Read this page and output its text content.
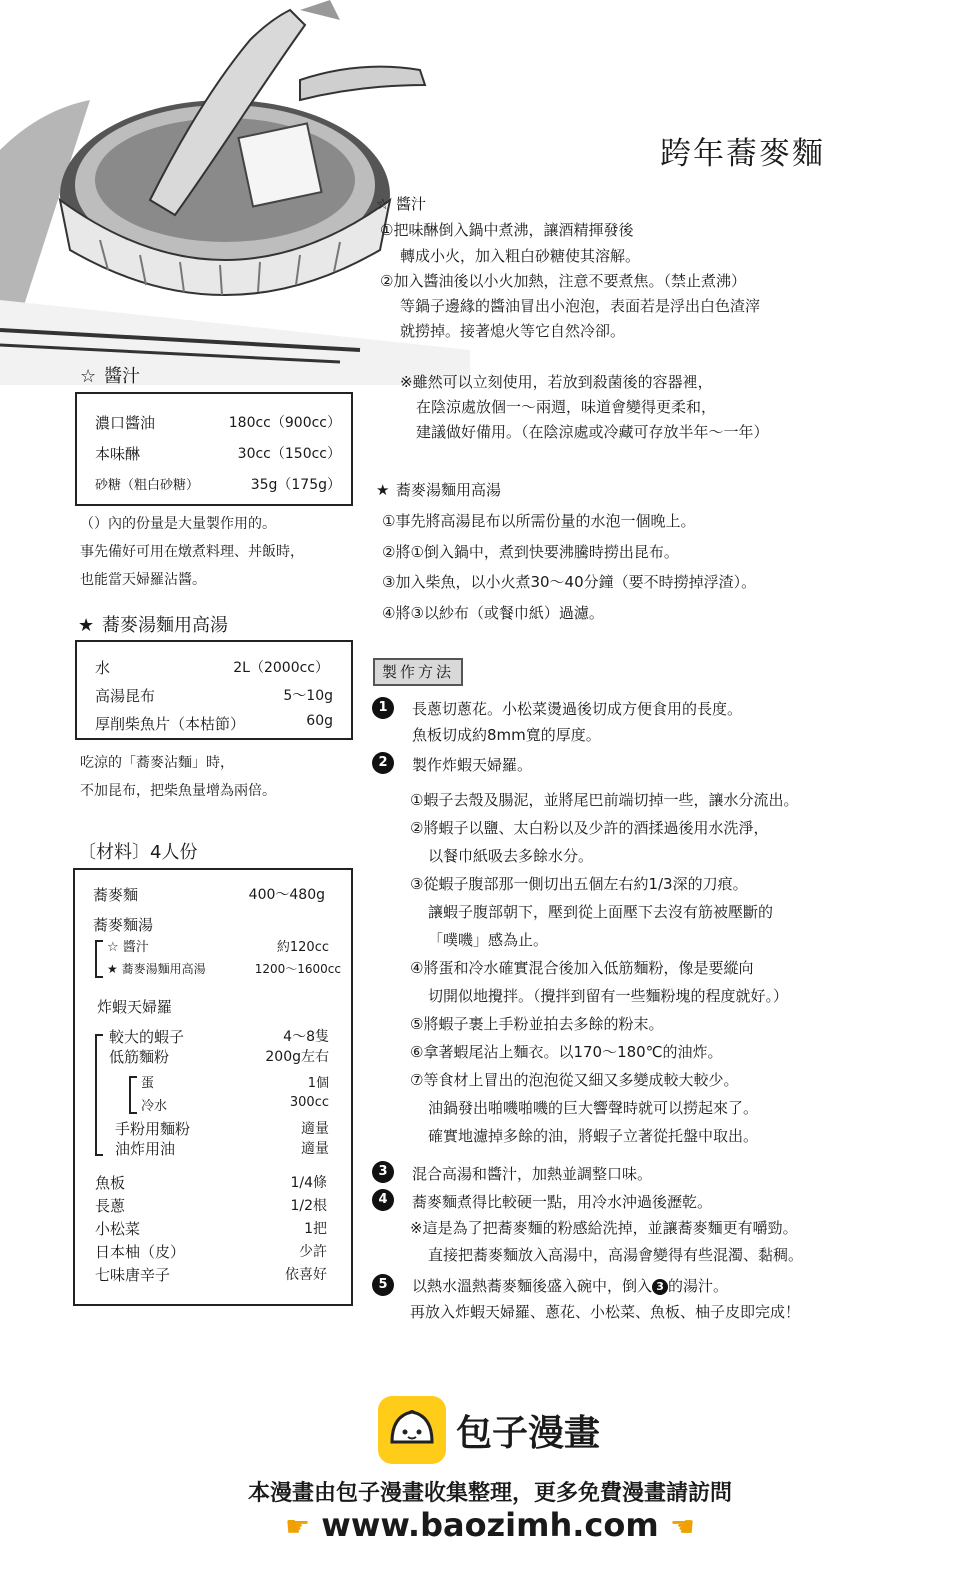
跨年蕎麥麵
☆ 醬汁
濃口醬油	180cc（900cc）
本味醂	30cc（150cc）
砂糖（粗白砂糖）	35g（175g）
（）內的份量是大量製作用的。
事先備好可用在燉煮料理、丼飯時，
也能當天婦羅沾醬。
★ 蕎麥湯麵用高湯
水	2L（2000cc）
高湯昆布	5～10g
厚削柴魚片（本枯節）	60g
吃涼的「蕎麥沾麵」時，
不加昆布，把柴魚量增為兩倍。
〔材料〕4人份
蕎麥麵	400～480g
蕎麥麵湯
☆ 醬汁	約120cc
★ 蕎麥湯麵用高湯	1200～1600cc
炸蝦天婦羅
較大的蝦子	4～8隻
低筋麵粉	200g左右
蛋	1個
冷水	300cc
手粉用麵粉	適量
油炸用油	適量
魚板	1/4條
長蔥	1/2根
小松菜	1把
日本柚（皮）	少許
七味唐辛子	依喜好
☆ 醬汁
①把味醂倒入鍋中煮沸，讓酒精揮發後
轉成小火，加入粗白砂糖使其溶解。
②加入醬油後以小火加熱，注意不要煮焦。（禁止煮沸）
等鍋子邊緣的醬油冒出小泡泡，表面若是浮出白色渣滓
就撈掉。接著熄火等它自然冷卻。
※雖然可以立刻使用，若放到殺菌後的容器裡，
在陰涼處放個一～兩週，味道會變得更柔和，
建議做好備用。（在陰涼處或冷藏可存放半年～一年）
★ 蕎麥湯麵用高湯
①事先將高湯昆布以所需份量的水泡一個晚上。
②將①倒入鍋中，煮到快要沸騰時撈出昆布。
③加入柴魚，以小火煮30～40分鐘（要不時撈掉浮渣）。
④將③以紗布（或餐巾紙）過濾。
製作方法
1	長蔥切蔥花。小松菜燙過後切成方便食用的長度。
魚板切成約8mm寬的厚度。
2	製作炸蝦天婦羅。
①蝦子去殼及腸泥，並將尾巴前端切掉一些，讓水分流出。
②將蝦子以鹽、太白粉以及少許的酒揉過後用水洗淨，
以餐巾紙吸去多餘水分。
③從蝦子腹部那一側切出五個左右約1/3深的刀痕。
讓蝦子腹部朝下，壓到從上面壓下去沒有筋被壓斷的
「噗嘰」感為止。
④將蛋和冷水確實混合後加入低筋麵粉，像是要縱向
切開似地攪拌。（攪拌到留有一些麵粉塊的程度就好。）
⑤將蝦子裹上手粉並拍去多餘的粉末。
⑥拿著蝦尾沾上麵衣。以170～180℃的油炸。
⑦等食材上冒出的泡泡從又細又多變成較大較少。
油鍋發出啪嘰啪嘰的巨大響聲時就可以撈起來了。
確實地濾掉多餘的油，將蝦子立著從托盤中取出。
3	混合高湯和醬汁，加熱並調整口味。
4	蕎麥麵煮得比較硬一點，用冷水沖過後瀝乾。
※這是為了把蕎麥麵的粉感給洗掉，並讓蕎麥麵更有嚼勁。
直接把蕎麥麵放入高湯中，高湯會變得有些混濁、黏稠。
5	以熱水溫熱蕎麥麵後盛入碗中，倒入 3 的湯汁。
再放入炸蝦天婦羅、蔥花、小松菜、魚板、柚子皮即完成！
包子漫畫
本漫畫由包子漫畫收集整理，更多免費漫畫請訪問
☛ www.baozimh.com ☚
